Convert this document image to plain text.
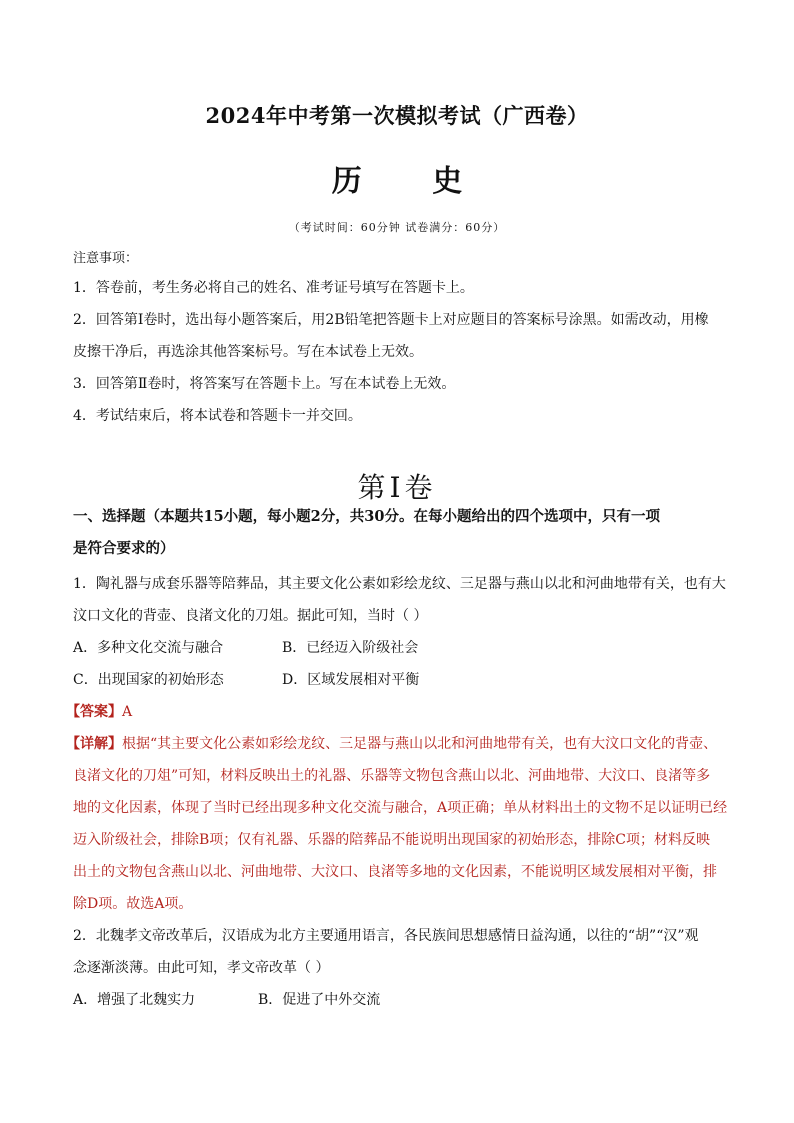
2024年中考第一次模拟考试（广西卷）
历 史
（考试时间：60分钟 试卷满分：60分）
注意事项：
1．答卷前，考生务必将自己的姓名、准考证号填写在答题卡上。
2．回答第Ⅰ卷时，选出每小题答案后，用2B铅笔把答题卡上对应题目的答案标号涂黑。如需改动，用橡
皮擦干净后，再选涂其他答案标号。写在本试卷上无效。
3．回答第Ⅱ卷时，将答案写在答题卡上。写在本试卷上无效。
4．考试结束后，将本试卷和答题卡一并交回。
第Ⅰ卷
一、选择题（本题共15小题，每小题2分，共30分。在每小题给出的四个选项中，只有一项
是符合要求的）
1．陶礼器与成套乐器等陪葬品，其主要文化公素如彩绘龙纹、三足器与燕山以北和河曲地带有关，也有大
汶口文化的背壶、良渚文化的刀俎。据此可知，当时（ ）
A．多种文化交流与融合	B．已经迈入阶级社会
C．出现国家的初始形态	D．区域发展相对平衡
【答案】A
【详解】根据“其主要文化公素如彩绘龙纹、三足器与燕山以北和河曲地带有关，也有大汶口文化的背壶、
良渚文化的刀俎”可知，材料反映出土的礼器、乐器等文物包含燕山以北、河曲地带、大汶口、良渚等多
地的文化因素，体现了当时已经出现多种文化交流与融合，A项正确；单从材料出土的文物不足以证明已经
迈入阶级社会，排除B项；仅有礼器、乐器的陪葬品不能说明出现国家的初始形态，排除C项；材料反映
出土的文物包含燕山以北、河曲地带、大汶口、良渚等多地的文化因素，不能说明区域发展相对平衡，排
除D项。故选A项。
2．北魏孝文帝改革后，汉语成为北方主要通用语言，各民族间思想感情日益沟通，以往的“胡”“汉”观
念逐渐淡薄。由此可知，孝文帝改革（ ）
A．增强了北魏实力	B．促进了中外交流
